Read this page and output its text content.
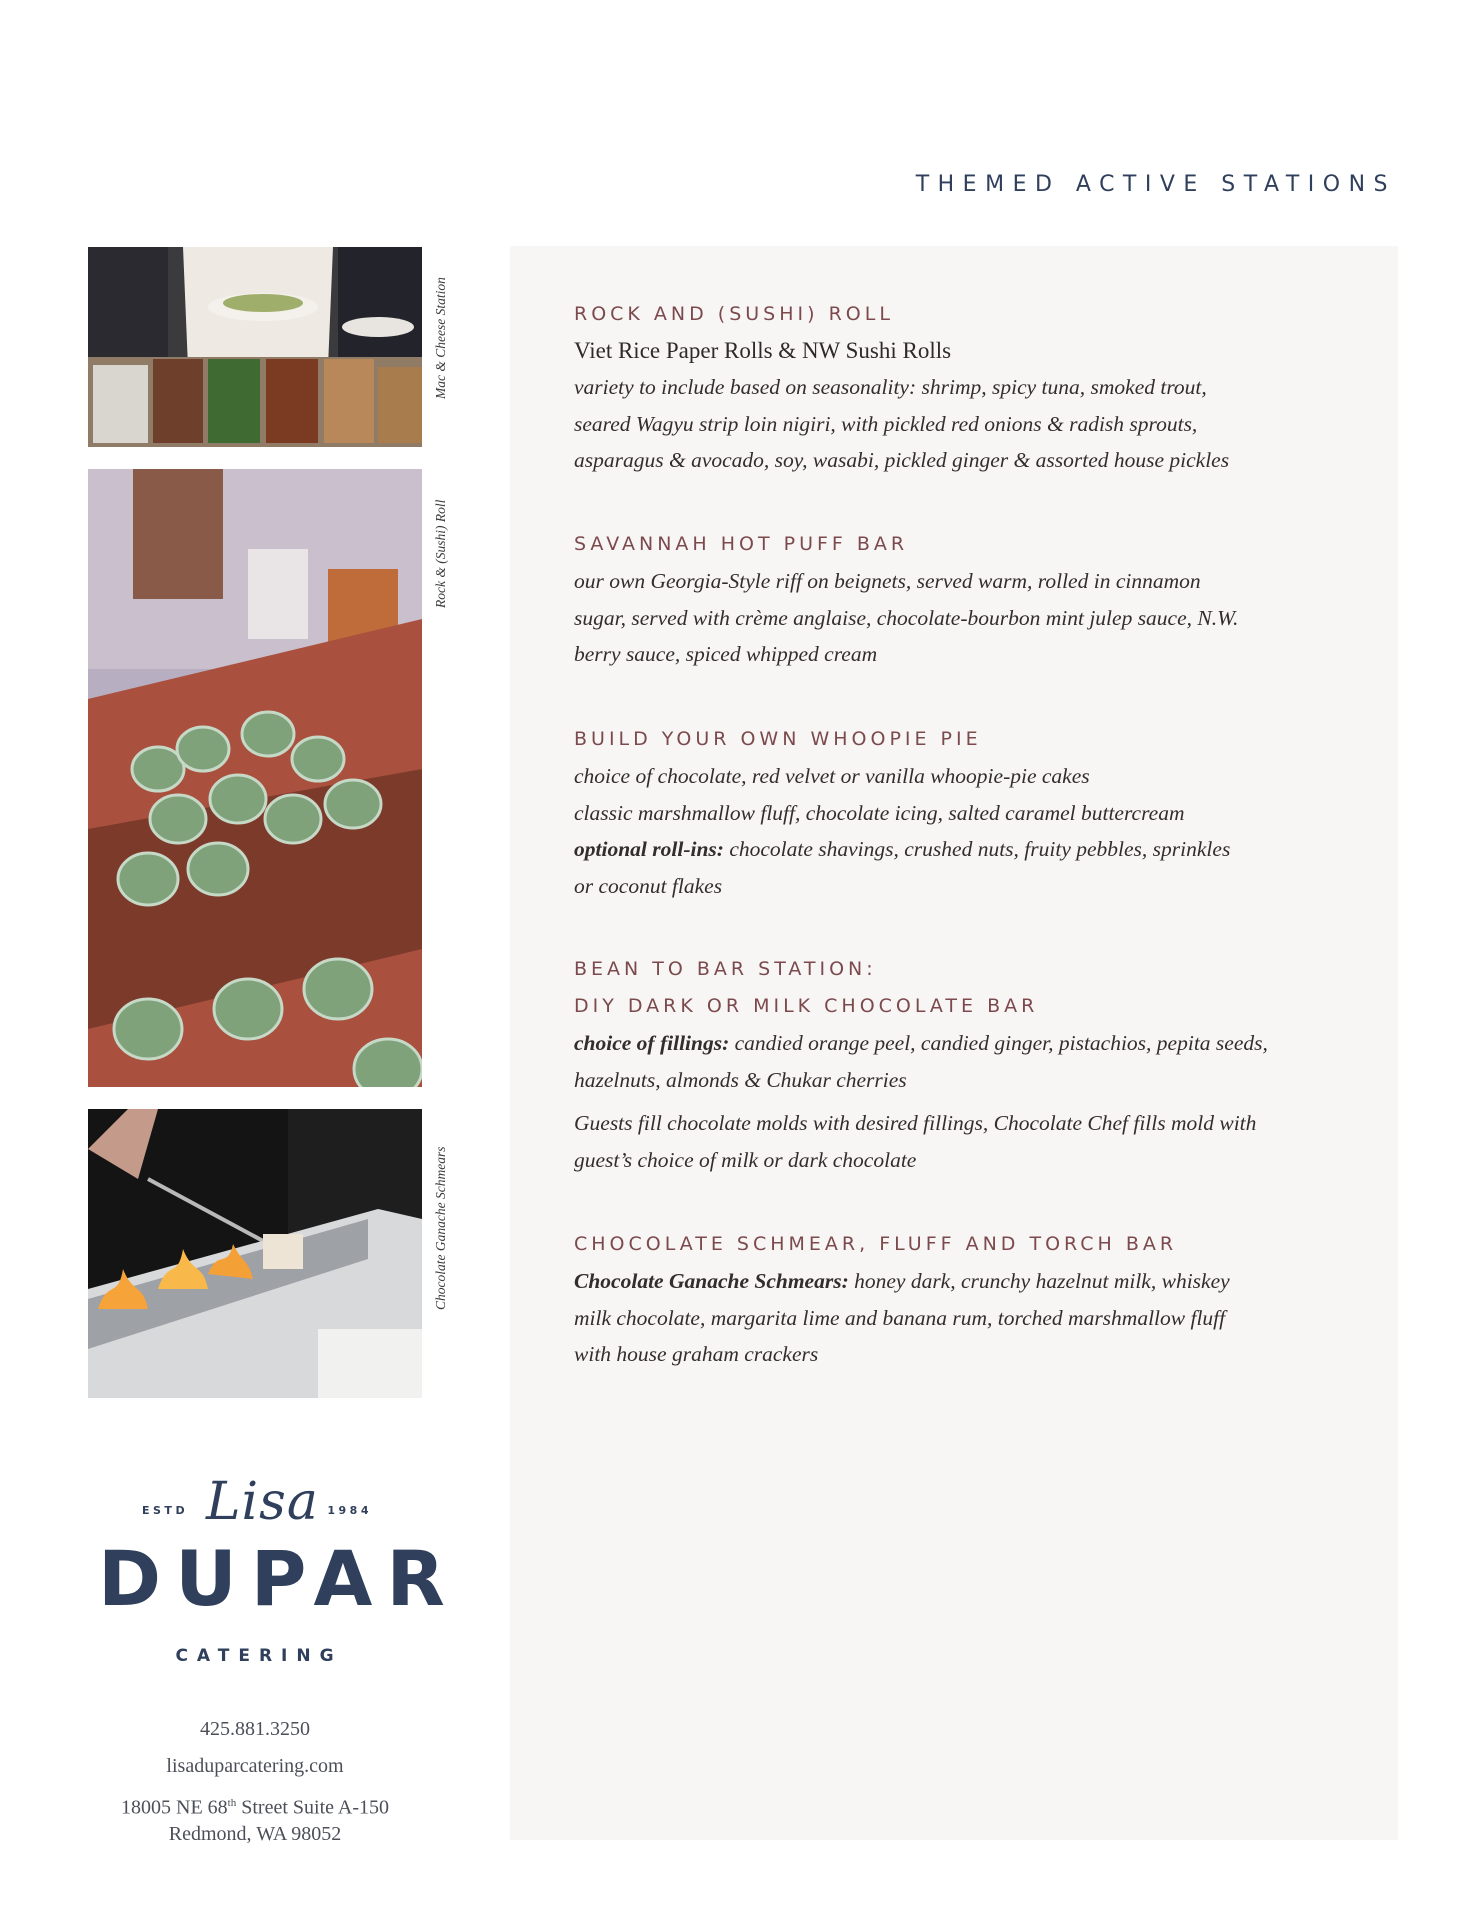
THEMED ACTIVE STATIONS
Mac & Cheese Station
Rock & (Sushi) Roll
Chocolate Ganache Schmears
ESTD Lisa 1984
DUPAR
CATERING
425.881.3250
lisaduparcatering.com
18005 NE 68th Street Suite A-150
Redmond, WA 98052
ROCK AND (SUSHI) ROLL
Viet Rice Paper Rolls & NW Sushi Rolls
variety to include based on seasonality: shrimp, spicy tuna, smoked trout,
seared Wagyu strip loin nigiri, with pickled red onions & radish sprouts,
asparagus & avocado, soy, wasabi, pickled ginger & assorted house pickles
SAVANNAH HOT PUFF BAR
our own Georgia-Style riff on beignets, served warm, rolled in cinnamon
sugar, served with crème anglaise, chocolate-bourbon mint julep sauce, N.W.
berry sauce, spiced whipped cream
BUILD YOUR OWN WHOOPIE PIE
choice of chocolate, red velvet or vanilla whoopie-pie cakes
classic marshmallow fluff, chocolate icing, salted caramel buttercream
optional roll-ins: chocolate shavings, crushed nuts, fruity pebbles, sprinkles
or coconut flakes
BEAN TO BAR STATION:
DIY DARK OR MILK CHOCOLATE BAR
choice of fillings: candied orange peel, candied ginger, pistachios, pepita seeds,
hazelnuts, almonds & Chukar cherries
Guests fill chocolate molds with desired fillings, Chocolate Chef fills mold with
guest’s choice of milk or dark chocolate
CHOCOLATE SCHMEAR, FLUFF AND TORCH BAR
Chocolate Ganache Schmears: honey dark, crunchy hazelnut milk, whiskey
milk chocolate, margarita lime and banana rum, torched marshmallow fluff
with house graham crackers
